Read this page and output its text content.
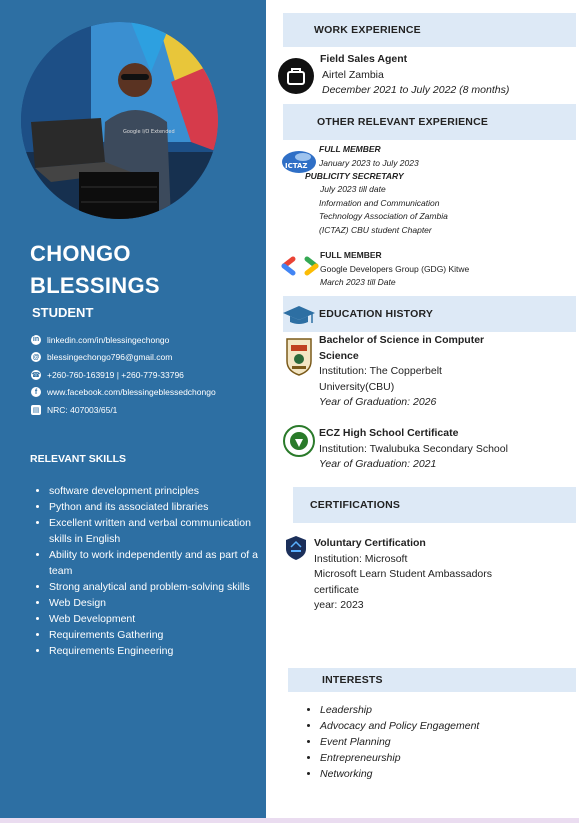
Google I/O Extended
CHONGO
BLESSINGS
STUDENT
in linkedin.com/in/blessingechongo
@ blessingechongo796@gmail.com
☎ +260-760-163919 | +260-779-33796
f	www.facebook.com/blessingeblessedchongo
▤ NRC: 407003/65/1
RELEVANT SKILLS
• software development principles
• Python and its associated libraries
• Excellent written and verbal communication skills in English
• Ability to work independently and as part of a team
• Strong analytical and problem-solving skills
• Web Design
• Web Development
• Requirements Gathering
• Requirements Engineering
WORK EXPERIENCE
Field Sales Agent
Airtel Zambia
December 2021 to July 2022 (8 months)
OTHER RELEVANT EXPERIENCE
ICTAZ
FULL MEMBER
January 2023 to July 2023
PUBLICITY SECRETARY
July 2023 till date
Information and Communication
Technology Association of Zambia
(ICTAZ) CBU student Chapter
FULL MEMBER
Google Developers Group (GDG) Kitwe
March 2023 till Date
EDUCATION HISTORY
Bachelor of Science in Computer
Science
Institution: The Copperbelt
University(CBU)
Year of Graduation: 2026
ECZ High School Certificate
Institution: Twalubuka Secondary School
Year of Graduation: 2021
CERTIFICATIONS
Voluntary Certification
Institution: Microsoft
Microsoft Learn Student Ambassadors
certificate
year: 2023
INTERESTS
• Leadership
• Advocacy and Policy Engagement
• Event Planning
• Entrepreneurship
• Networking
